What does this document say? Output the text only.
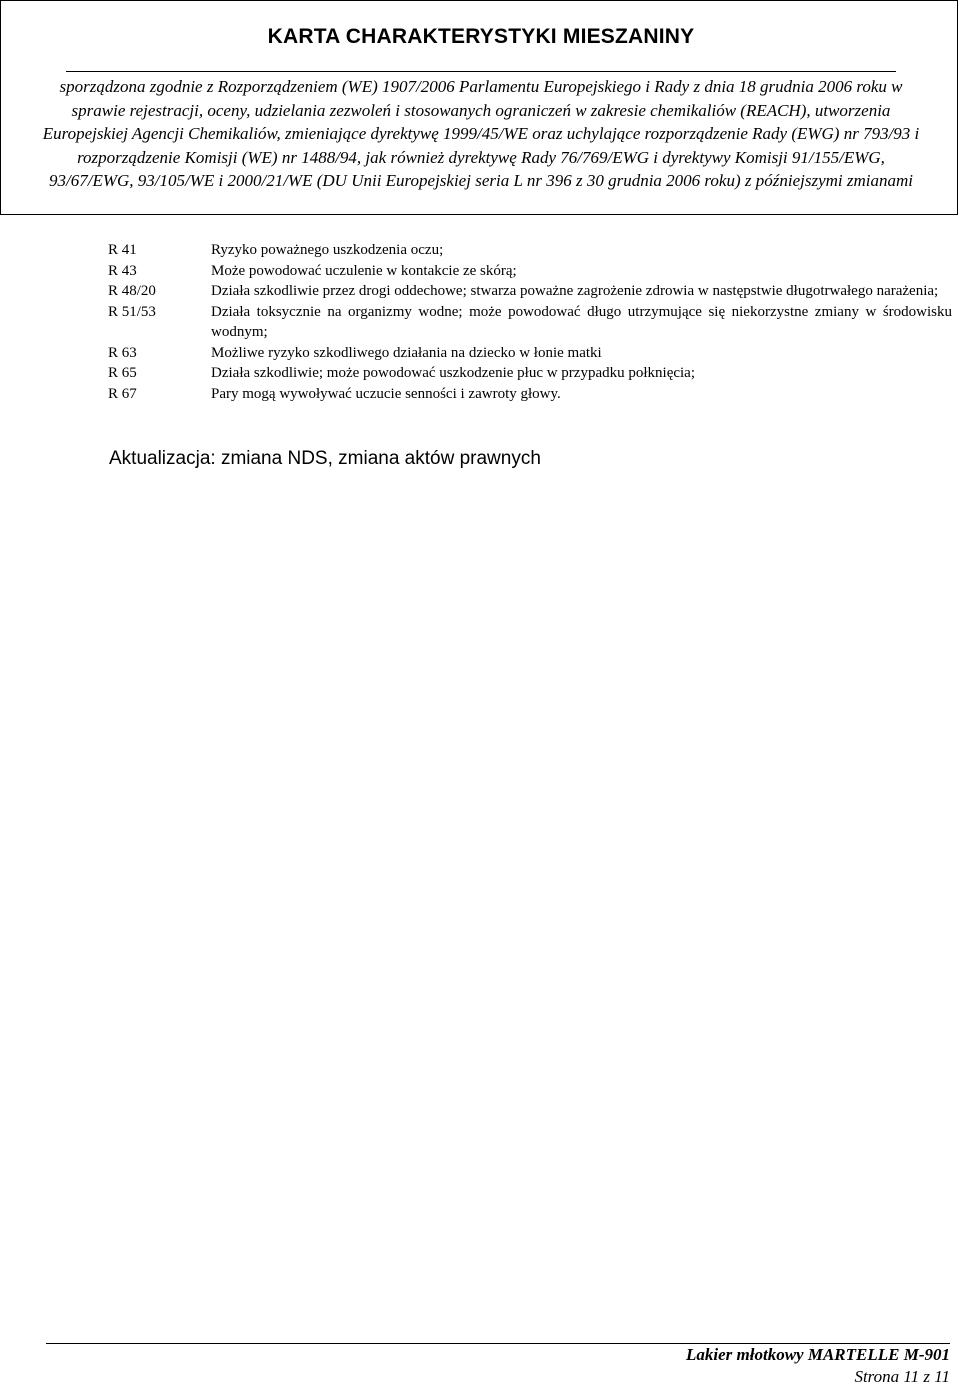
KARTA CHARAKTERYSTYKI MIESZANINY
sporządzona zgodnie z Rozporządzeniem (WE) 1907/2006 Parlamentu Europejskiego i Rady z dnia 18 grudnia 2006 roku w sprawie rejestracji, oceny, udzielania zezwoleń i stosowanych ograniczeń w zakresie chemikaliów (REACH), utworzenia Europejskiej Agencji Chemikaliów, zmieniające dyrektywę 1999/45/WE oraz uchylające rozporządzenie Rady (EWG) nr 793/93 i rozporządzenie Komisji (WE) nr 1488/94, jak również dyrektywę Rady 76/769/EWG i dyrektywy Komisji 91/155/EWG, 93/67/EWG, 93/105/WE i 2000/21/WE (DU Unii Europejskiej seria L nr 396 z 30 grudnia 2006 roku) z późniejszymi zmianami
R 41	Ryzyko poważnego uszkodzenia oczu;
R 43	Może powodować uczulenie w kontakcie ze skórą;
R 48/20	Działa szkodliwie przez drogi oddechowe; stwarza poważne zagrożenie zdrowia w następstwie długotrwałego narażenia;
R 51/53	Działa toksycznie na organizmy wodne; może powodować długo utrzymujące się niekorzystne zmiany w środowisku wodnym;
R 63	Możliwe ryzyko szkodliwego działania na dziecko w łonie matki
R 65	Działa szkodliwie; może powodować uszkodzenie płuc w przypadku połknięcia;
R 67	Pary mogą wywoływać uczucie senności i zawroty głowy.
Aktualizacja: zmiana NDS, zmiana aktów prawnych
Lakier młotkowy MARTELLE M-901
Strona 11 z 11
